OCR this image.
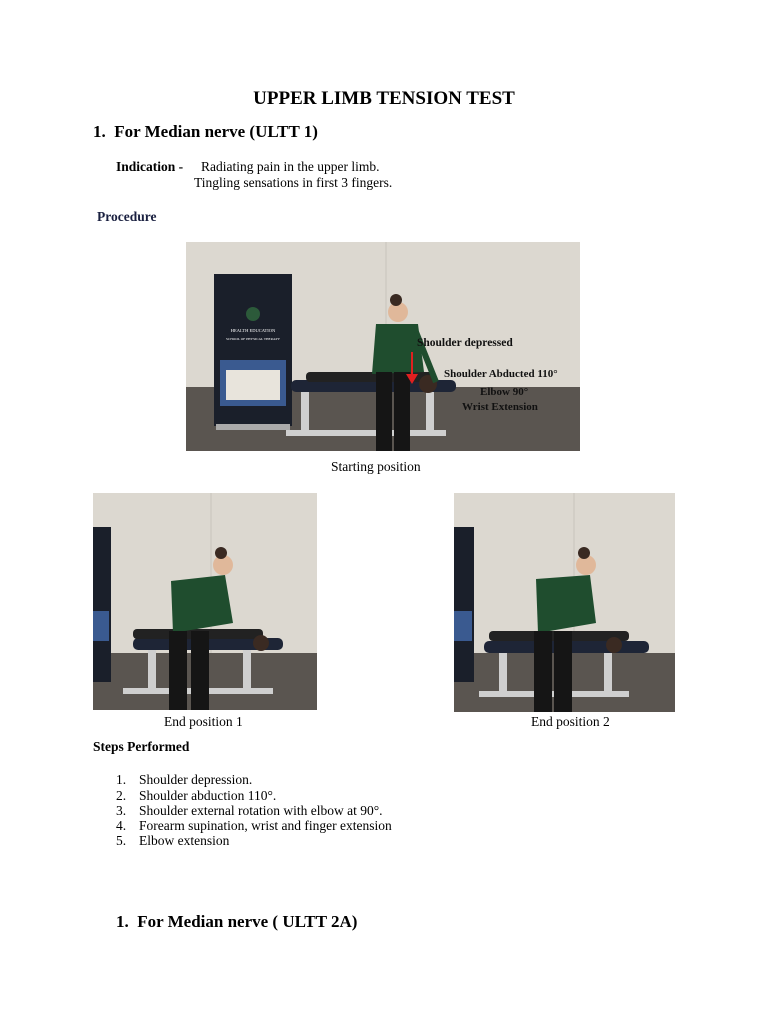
UPPER LIMB TENSION TEST
1. For Median nerve (ULTT 1)
Indication - Radiating pain in the upper limb.
Tingling sensations in first 3 fingers.
Procedure
HEALTH EDUCATION
SCHOOL OF PHYSICAL THERAPY	Shoulder depressed
Shoulder Abducted 110°
Elbow 90°
Wrist Extension
Starting position
End position 1	End position 2
Steps Performed
1. Shoulder depression.
2. Shoulder abduction 110°.
3. Shoulder external rotation with elbow at 90°.
4. Forearm supination, wrist and finger extension
5. Elbow extension
1. For Median nerve ( ULTT 2A)
